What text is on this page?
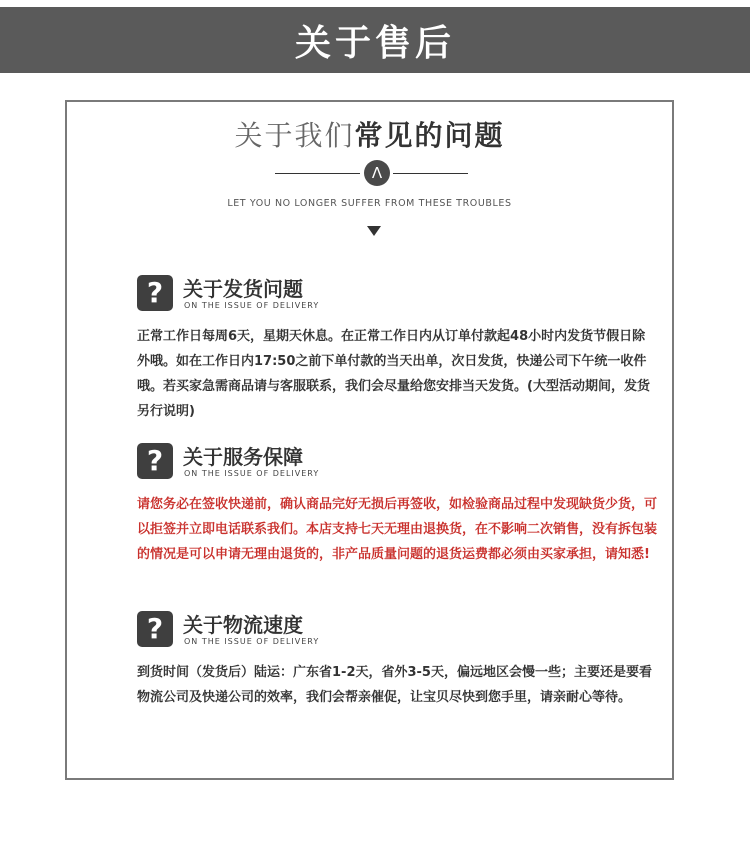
关于售后
关于我们常见的问题
Λ
LET YOU NO LONGER SUFFER FROM THESE TROUBLES
? 关于发货问题
ON THE ISSUE OF DELIVERY
正常工作日每周6天，星期天休息。在正常工作日内从订单付款起48小时内发货节假日除外哦。如在工作日内17:50之前下单付款的当天出单，次日发货，快递公司下午统一收件哦。若买家急需商品请与客服联系，我们会尽量给您安排当天发货。(大型活动期间，发货另行说明)
? 关于服务保障
ON THE ISSUE OF DELIVERY
请您务必在签收快递前，确认商品完好无损后再签收，如检验商品过程中发现缺货少货，可以拒签并立即电话联系我们。本店支持七天无理由退换货，在不影响二次销售，没有拆包装的情况是可以申请无理由退货的，非产品质量问题的退货运费都必须由买家承担，请知悉!
? 关于物流速度
ON THE ISSUE OF DELIVERY
到货时间（发货后）陆运：广东省1-2天，省外3-5天，偏远地区会慢一些；主要还是要看物流公司及快递公司的效率，我们会帮亲催促，让宝贝尽快到您手里，请亲耐心等待。
